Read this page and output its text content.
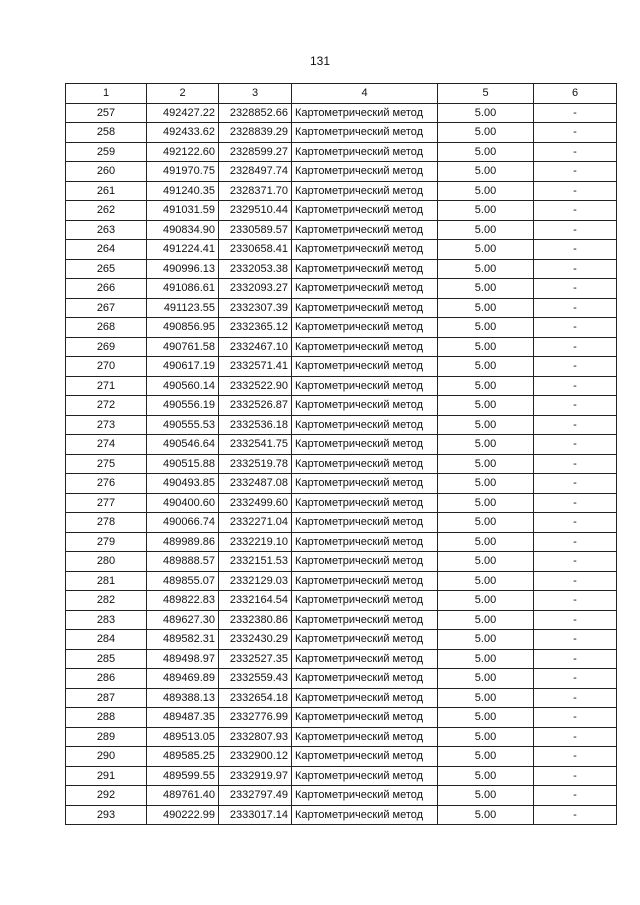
131
1	2	3	4	5	6
257	492427.22	2328852.66	Картометрический метод	5.00	-
258	492433.62	2328839.29	Картометрический метод	5.00	-
259	492122.60	2328599.27	Картометрический метод	5.00	-
260	491970.75	2328497.74	Картометрический метод	5.00	-
261	491240.35	2328371.70	Картометрический метод	5.00	-
262	491031.59	2329510.44	Картометрический метод	5.00	-
263	490834.90	2330589.57	Картометрический метод	5.00	-
264	491224.41	2330658.41	Картометрический метод	5.00	-
265	490996.13	2332053.38	Картометрический метод	5.00	-
266	491086.61	2332093.27	Картометрический метод	5.00	-
267	491123.55	2332307.39	Картометрический метод	5.00	-
268	490856.95	2332365.12	Картометрический метод	5.00	-
269	490761.58	2332467.10	Картометрический метод	5.00	-
270	490617.19	2332571.41	Картометрический метод	5.00	-
271	490560.14	2332522.90	Картометрический метод	5.00	-
272	490556.19	2332526.87	Картометрический метод	5.00	-
273	490555.53	2332536.18	Картометрический метод	5.00	-
274	490546.64	2332541.75	Картометрический метод	5.00	-
275	490515.88	2332519.78	Картометрический метод	5.00	-
276	490493.85	2332487.08	Картометрический метод	5.00	-
277	490400.60	2332499.60	Картометрический метод	5.00	-
278	490066.74	2332271.04	Картометрический метод	5.00	-
279	489989.86	2332219.10	Картометрический метод	5.00	-
280	489888.57	2332151.53	Картометрический метод	5.00	-
281	489855.07	2332129.03	Картометрический метод	5.00	-
282	489822.83	2332164.54	Картометрический метод	5.00	-
283	489627.30	2332380.86	Картометрический метод	5.00	-
284	489582.31	2332430.29	Картометрический метод	5.00	-
285	489498.97	2332527.35	Картометрический метод	5.00	-
286	489469.89	2332559.43	Картометрический метод	5.00	-
287	489388.13	2332654.18	Картометрический метод	5.00	-
288	489487.35	2332776.99	Картометрический метод	5.00	-
289	489513.05	2332807.93	Картометрический метод	5.00	-
290	489585.25	2332900.12	Картометрический метод	5.00	-
291	489599.55	2332919.97	Картометрический метод	5.00	-
292	489761.40	2332797.49	Картометрический метод	5.00	-
293	490222.99	2333017.14	Картометрический метод	5.00	-
